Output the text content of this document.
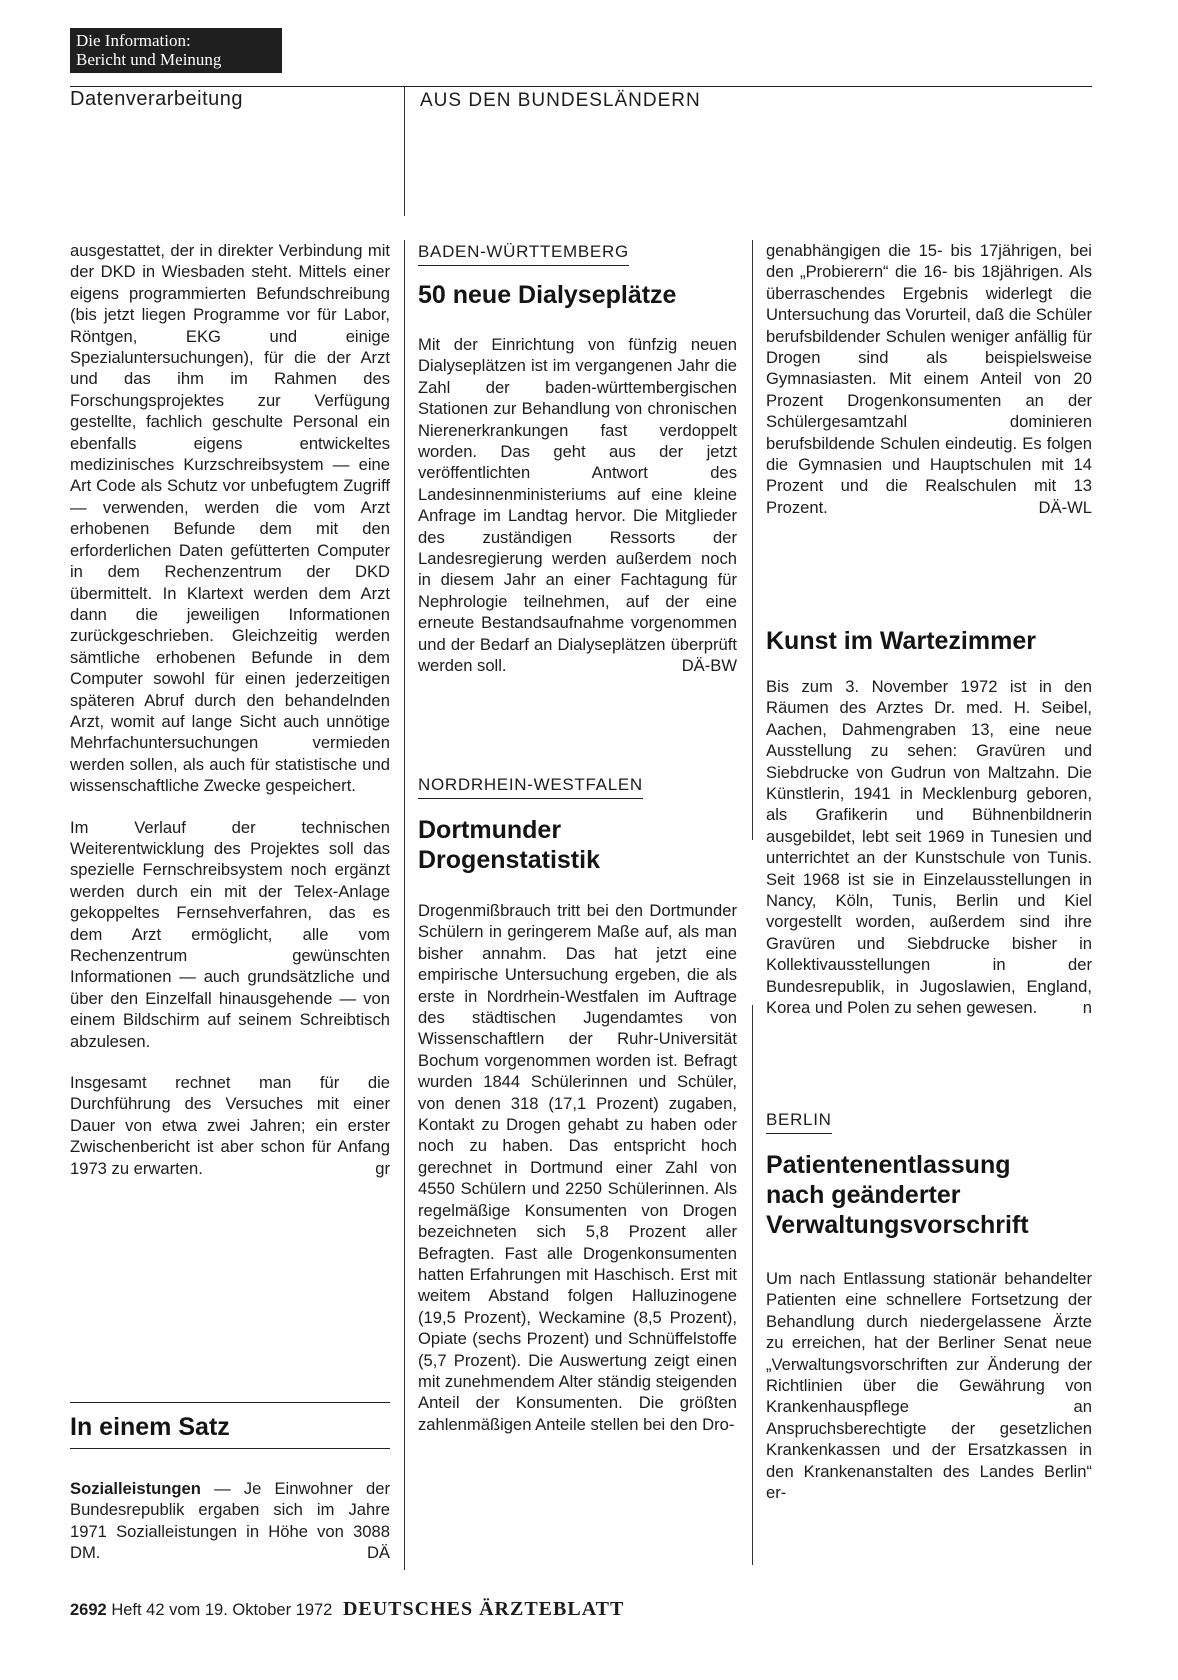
Die Information:
Bericht und Meinung
Datenverarbeitung	AUS DEN BUNDESLÄNDERN

ausgestattet, der in direkter Verbindung mit der DKD in Wiesbaden steht. Mittels einer eigens programmierten Befundschreibung (bis jetzt liegen Programme vor für Labor, Röntgen, EKG und einige Spezialuntersuchungen), für die der Arzt und das ihm im Rahmen des Forschungsprojektes zur Verfügung gestellte, fachlich geschulte Personal ein ebenfalls eigens entwickeltes medizinisches Kurzschreibsystem — eine Art Code als Schutz vor unbefugtem Zugriff — verwenden, werden die vom Arzt erhobenen Befunde dem mit den erforderlichen Daten gefütterten Computer in dem Rechenzentrum der DKD übermittelt. In Klartext werden dem Arzt dann die jeweiligen Informationen zurückgeschrieben. Gleichzeitig werden sämtliche erhobenen Befunde in dem Computer sowohl für einen jederzeitigen späteren Abruf durch den behandelnden Arzt, womit auf lange Sicht auch unnötige Mehrfachuntersuchungen vermieden werden sollen, als auch für statistische und wissenschaftliche Zwecke gespeichert.

Im Verlauf der technischen Weiterentwicklung des Projektes soll das spezielle Fernschreibsystem noch ergänzt werden durch ein mit der Telex-Anlage gekoppeltes Fernsehverfahren, das es dem Arzt ermöglicht, alle vom Rechenzentrum gewünschten Informationen — auch grundsätzliche und über den Einzelfall hinausgehende — von einem Bildschirm auf seinem Schreibtisch abzulesen.

Insgesamt rechnet man für die Durchführung des Versuches mit einer Dauer von etwa zwei Jahren; ein erster Zwischenbericht ist aber schon für Anfang 1973 zu erwarten.	gr

In einem Satz

Sozialleistungen — Je Einwohner der Bundesrepublik ergaben sich im Jahre 1971 Sozialleistungen in Höhe von 3088 DM.	DÄ

BADEN-WÜRTTEMBERG
50 neue Dialyseplätze

Mit der Einrichtung von fünfzig neuen Dialyseplätzen ist im vergangenen Jahr die Zahl der baden-württembergischen Stationen zur Behandlung von chronischen Nierenerkrankungen fast verdoppelt worden. Das geht aus der jetzt veröffentlichten Antwort des Landesinnenministeriums auf eine kleine Anfrage im Landtag hervor. Die Mitglieder des zuständigen Ressorts der Landesregierung werden außerdem noch in diesem Jahr an einer Fachtagung für Nephrologie teilnehmen, auf der eine erneute Bestandsaufnahme vorgenommen und der Bedarf an Dialyseplätzen überprüft werden soll.	DÄ-BW

NORDRHEIN-WESTFALEN
Dortmunder
Drogenstatistik

Drogenmißbrauch tritt bei den Dortmunder Schülern in geringerem Maße auf, als man bisher annahm. Das hat jetzt eine empirische Untersuchung ergeben, die als erste in Nordrhein-Westfalen im Auftrage des städtischen Jugendamtes von Wissenschaftlern der Ruhr-Universität Bochum vorgenommen worden ist. Befragt wurden 1844 Schülerinnen und Schüler, von denen 318 (17,1 Prozent) zugaben, Kontakt zu Drogen gehabt zu haben oder noch zu haben. Das entspricht hoch gerechnet in Dortmund einer Zahl von 4550 Schülern und 2250 Schülerinnen. Als regelmäßige Konsumenten von Drogen bezeichneten sich 5,8 Prozent aller Befragten. Fast alle Drogenkonsumenten hatten Erfahrungen mit Haschisch. Erst mit weitem Abstand folgen Halluzinogene (19,5 Prozent), Weckamine (8,5 Prozent), Opiate (sechs Prozent) und Schnüffelstoffe (5,7 Prozent). Die Auswertung zeigt einen mit zunehmendem Alter ständig steigenden Anteil der Konsumenten. Die größten zahlenmäßigen Anteile stellen bei den Dro-

genabhängigen die 15- bis 17jährigen, bei den „Probierern“ die 16- bis 18jährigen. Als überraschendes Ergebnis widerlegt die Untersuchung das Vorurteil, daß die Schüler berufsbildender Schulen weniger anfällig für Drogen sind als beispielsweise Gymnasiasten. Mit einem Anteil von 20 Prozent Drogenkonsumenten an der Schülergesamtzahl dominieren berufsbildende Schulen eindeutig. Es folgen die Gymnasien und Hauptschulen mit 14 Prozent und die Realschulen mit 13 Prozent.	DÄ-WL

Kunst im Wartezimmer

Bis zum 3. November 1972 ist in den Räumen des Arztes Dr. med. H. Seibel, Aachen, Dahmengraben 13, eine neue Ausstellung zu sehen: Gravüren und Siebdrucke von Gudrun von Maltzahn. Die Künstlerin, 1941 in Mecklenburg geboren, als Grafikerin und Bühnenbildnerin ausgebildet, lebt seit 1969 in Tunesien und unterrichtet an der Kunstschule von Tunis. Seit 1968 ist sie in Einzelausstellungen in Nancy, Köln, Tunis, Berlin und Kiel vorgestellt worden, außerdem sind ihre Gravüren und Siebdrucke bisher in Kollektivausstellungen in der Bundesrepublik, in Jugoslawien, England, Korea und Polen zu sehen gewesen.	n

BERLIN
Patientenentlassung
nach geänderter
Verwaltungsvorschrift

Um nach Entlassung stationär behandelter Patienten eine schnellere Fortsetzung der Behandlung durch niedergelassene Ärzte zu erreichen, hat der Berliner Senat neue „Verwaltungsvorschriften zur Änderung der Richtlinien über die Gewährung von Krankenhauspflege an Anspruchsberechtigte der gesetzlichen Krankenkassen und der Ersatzkassen in den Krankenanstalten des Landes Berlin“ er-

2692 Heft 42 vom 19. Oktober 1972 DEUTSCHES ÄRZTEBLATT
